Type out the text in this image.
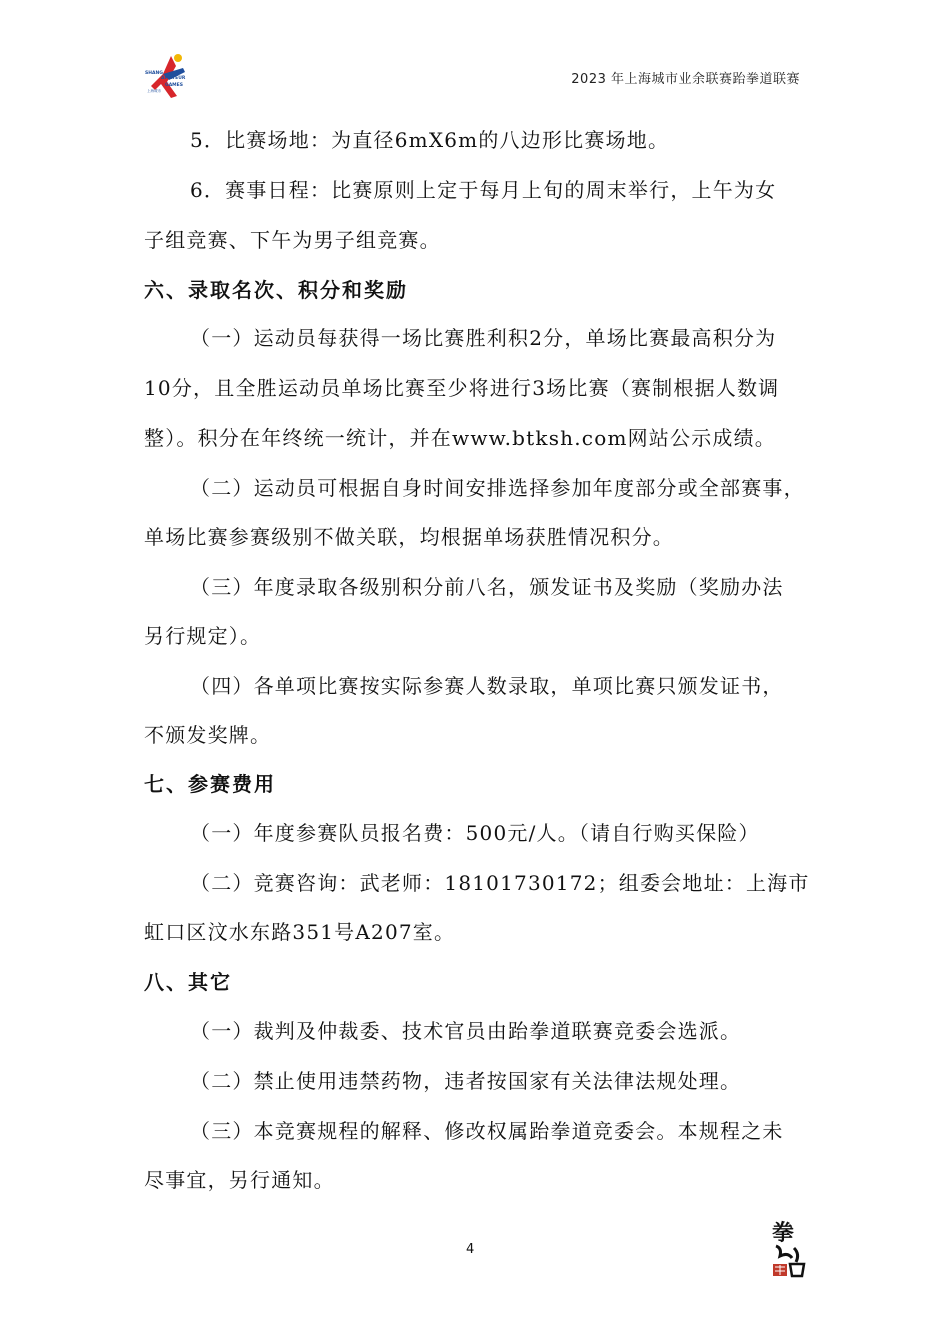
SHANG
AMATEUR
GAMES
上海城市
2023 年上海城市业余联赛跆拳道联赛
5．比赛场地：为直径6mX6m的八边形比赛场地。
6．赛事日程：比赛原则上定于每月上旬的周末举行，上午为女
子组竞赛、下午为男子组竞赛。
六、录取名次、积分和奖励
（一）运动员每获得一场比赛胜利积2分，单场比赛最高积分为
10分，且全胜运动员单场比赛至少将进行3场比赛（赛制根据人数调
整）。积分在年终统一统计，并在www.btksh.com网站公示成绩。
（二）运动员可根据自身时间安排选择参加年度部分或全部赛事，
单场比赛参赛级别不做关联，均根据单场获胜情况积分。
（三）年度录取各级别积分前八名，颁发证书及奖励（奖励办法
另行规定）。
（四）各单项比赛按实际参赛人数录取，单项比赛只颁发证书，
不颁发奖牌。
七、参赛费用
（一）年度参赛队员报名费：500元/人。（请自行购买保险）
（二）竞赛咨询：武老师：18101730172；组委会地址：上海市
虹口区汶水东路351号A207室。
八、其它
（一）裁判及仲裁委、技术官员由跆拳道联赛竞委会选派。
（二）禁止使用违禁药物，违者按国家有关法律法规处理。
（三）本竞赛规程的解释、修改权属跆拳道竞委会。本规程之未
尽事宜，另行通知。
4
拳
